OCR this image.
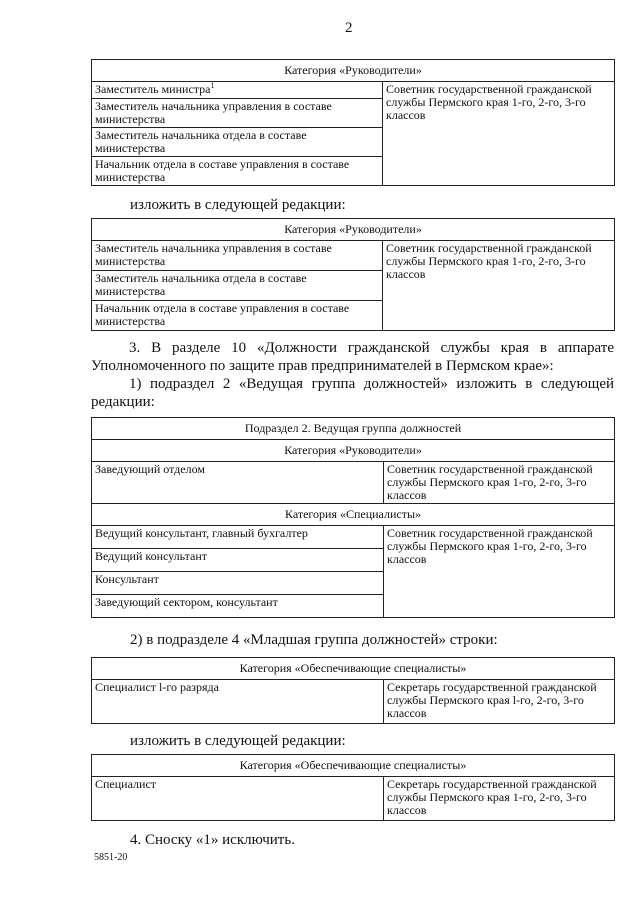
2
Категория «Руководители»
Заместитель министра$^1$	Советник государственной гражданской службы Пермского края 1-го, 2-го, 3-го классов
Заместитель начальника управления в составе министерства
Заместитель начальника отдела в составе министерства
Начальник отдела в составе управления в составе министерства

изложить в следующей редакции:

Категория «Руководители»
Заместитель начальника управления в составе министерства	Советник государственной гражданской службы Пермского края 1-го, 2-го, 3-го классов
Заместитель начальника отдела в составе министерства
Начальник отдела в составе управления в составе министерства

3. В разделе 10 «Должности гражданской службы края в аппарате Уполномоченного по защите прав предпринимателей в Пермском крае»:

1) подраздел 2 «Ведущая группа должностей» изложить в следующей редакции:

Подраздел 2. Ведущая группа должностей	
Категория «Руководители»	
Заведующий отделом	Советник государственной гражданской службы Пермского края 1-го, 2-го, 3-го классов
Категория «Специалисты»	
Ведущий консультант, главный бухгалтер	Советник государственной гражданской службы Пермского края 1-го, 2-го, 3-го классов
Ведущий консультант	
Консультант	
Заведующий сектором, консультант	

2) в подразделе 4 «Младшая группа должностей» строки:

Категория «Обеспечивающие специалисты»
Специалист l-го разряда	Секретарь государственной гражданской службы Пермского края l-го, 2-го, 3-го классов

изложить в следующей редакции:

Категория «Обеспечивающие специалисты»
Специалист	Секретарь государственной гражданской службы Пермского края 1-го, 2-го, 3-го классов

4. Сноску «1» исключить.

5851-20
